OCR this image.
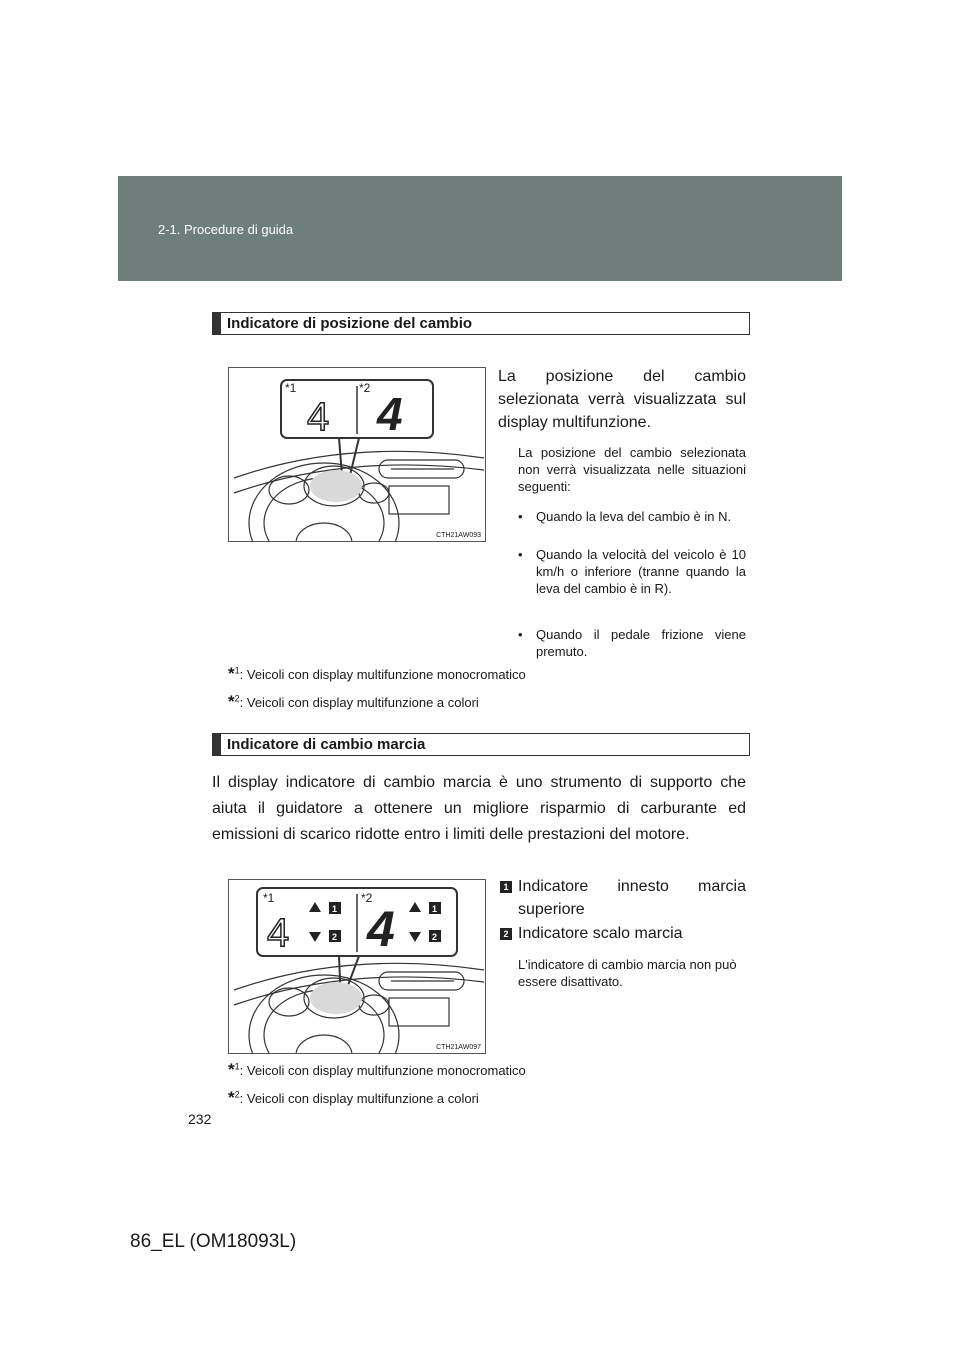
2-1. Procedure di guida
Indicatore di posizione del cambio
*1	*2
4 4
CTH21AW093
La posizione del cambio selezionata verrà visualizzata sul display multifunzione.
La posizione del cambio selezionata non verrà visualizzata nelle situazioni seguenti:
• Quando la leva del cambio è in N.
• Quando la velocità del veicolo è 10 km/h o inferiore (tranne quando la leva del cambio è in R).
• Quando il pedale frizione viene premuto.
*$^1$: Veicoli con display multifunzione monocromatico
*$^2$: Veicoli con display multifunzione a colori
Indicatore di cambio marcia
Il display indicatore di cambio marcia è uno strumento di supporto che aiuta il guidatore a ottenere un migliore risparmio di carburante ed emissioni di scarico ridotte entro i limiti delle prestazioni del motore.
*1	*2
4
1
2 4	1
2
CTH21AW097
1 Indicatore innesto marcia superiore
2 Indicatore scalo marcia
L'indicatore di cambio marcia non può essere disattivato.
*$^1$: Veicoli con display multifunzione monocromatico
*$^2$: Veicoli con display multifunzione a colori
232
86_EL (OM18093L)
